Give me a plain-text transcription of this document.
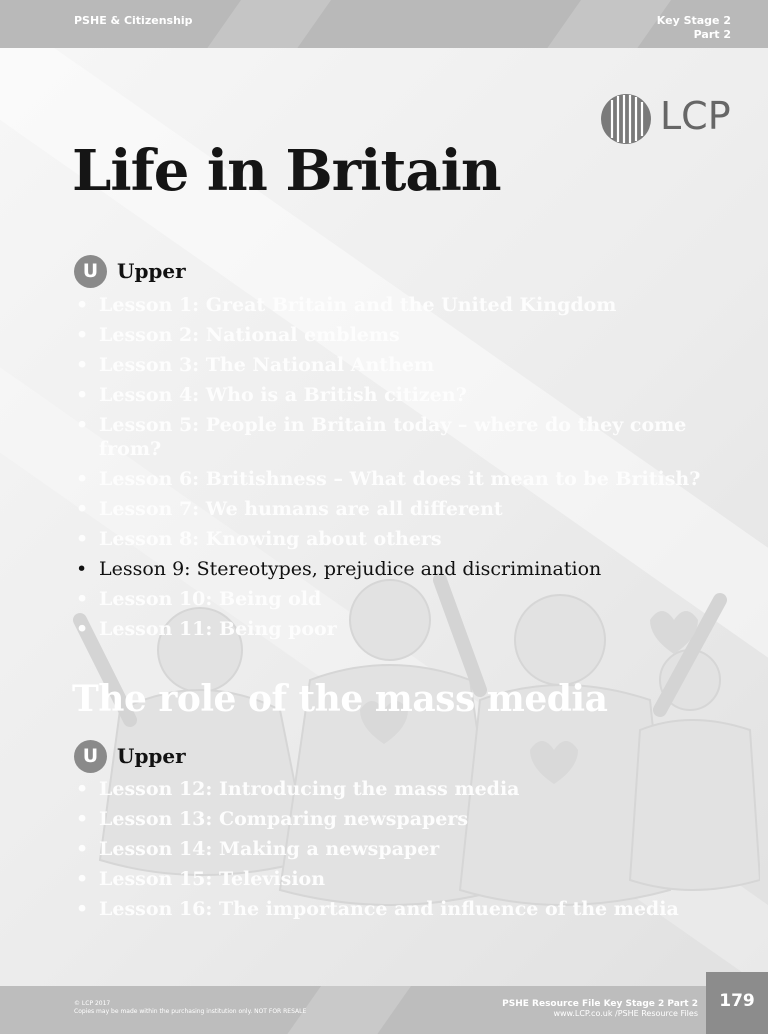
PSHE & Citizenship	Key Stage 2
Part 2
LCP
Life in Britain
U Upper
• Lesson 1: Great Britain and the United Kingdom
• Lesson 2: National emblems
• Lesson 3: The National Anthem
• Lesson 4: Who is a British citizen?
• Lesson 5: People in Britain today – where do they come from?
• Lesson 6: Britishness – What does it mean to be British?
• Lesson 7: We humans are all different
• Lesson 8: Knowing about others
• Lesson 9: Stereotypes, prejudice and discrimination
• Lesson 10: Being old
• Lesson 11: Being poor
The role of the mass media
U Upper
• Lesson 12: Introducing the mass media
• Lesson 13: Comparing newspapers
• Lesson 14: Making a newspaper
• Lesson 15: Television
• Lesson 16: The importance and influence of the media
© LCP 2017
Copies may be made within the purchasing institution only. NOT FOR RESALE
PSHE Resource File Key Stage 2 Part 2
www.LCP.co.uk /PSHE Resource Files
179
